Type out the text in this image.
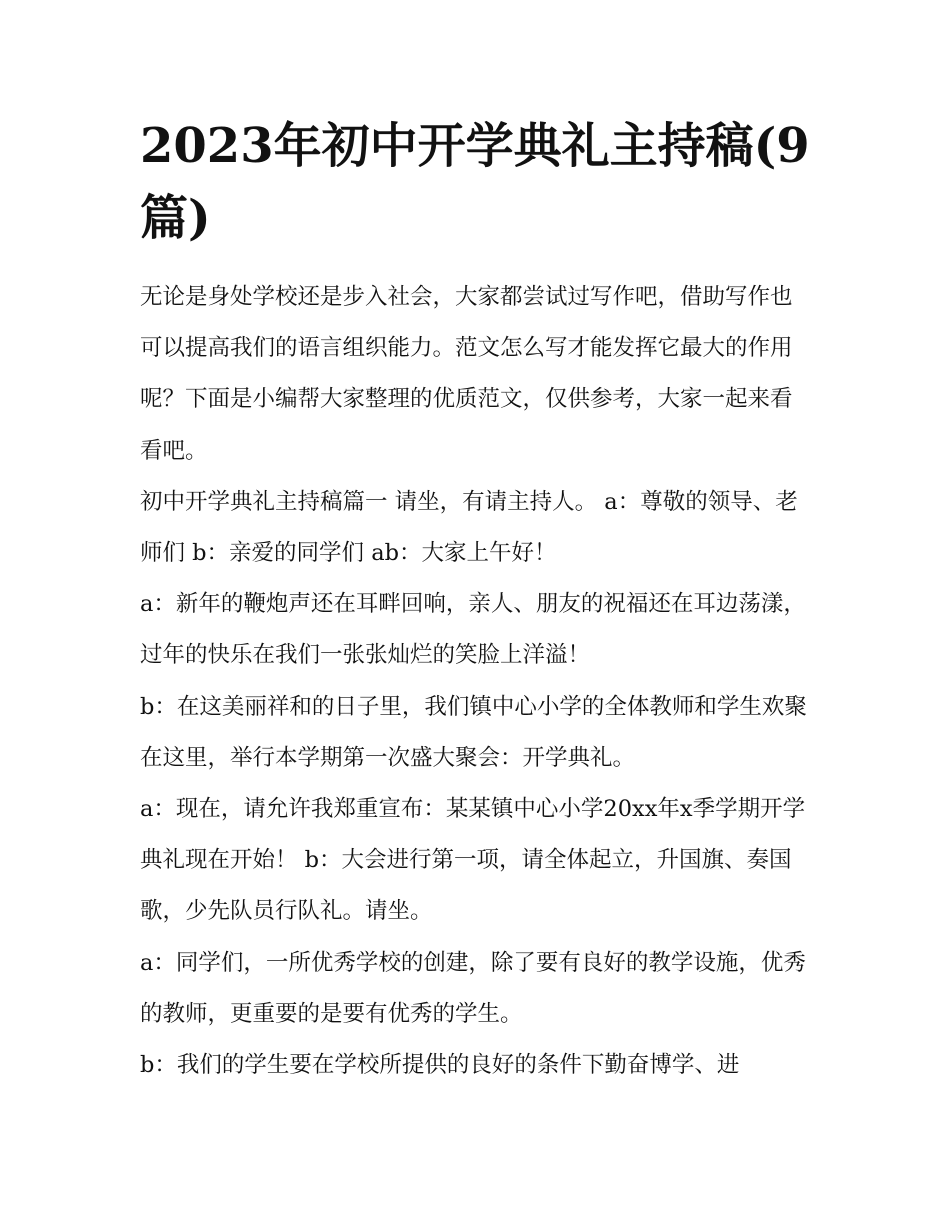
2023年初中开学典礼主持稿(9篇)

无论是身处学校还是步入社会，大家都尝试过写作吧，借助写作也可以提高我们的语言组织能力。范文怎么写才能发挥它最大的作用呢？下面是小编帮大家整理的优质范文，仅供参考，大家一起来看看吧。

初中开学典礼主持稿篇一 请坐，有请主持人。 a：尊敬的领导、老师们 b：亲爱的同学们 ab：大家上午好！

a：新年的鞭炮声还在耳畔回响，亲人、朋友的祝福还在耳边荡漾，过年的快乐在我们一张张灿烂的笑脸上洋溢！

b：在这美丽祥和的日子里，我们镇中心小学的全体教师和学生欢聚在这里，举行本学期第一次盛大聚会：开学典礼。

a：现在，请允许我郑重宣布：某某镇中心小学20xx年x季学期开学典礼现在开始！ b：大会进行第一项，请全体起立，升国旗、奏国歌，少先队员行队礼。请坐。

a：同学们，一所优秀学校的创建，除了要有良好的教学设施，优秀的教师，更重要的是要有优秀的学生。

b：我们的学生要在学校所提供的良好的条件下勤奋博学、进
